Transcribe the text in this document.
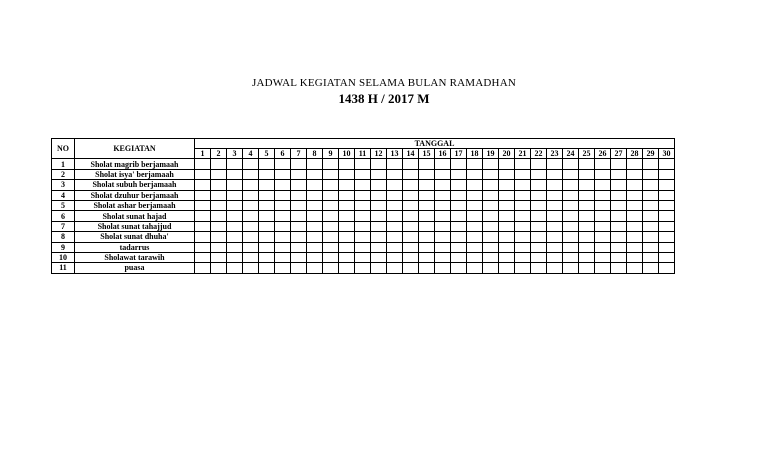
JADWAL KEGIATAN SELAMA BULAN RAMADHAN
1438 H / 2017 M
NO	KEGIATAN	TANGGAL																													
		1	2	3	4	5	6	7	8	9	10	11	12	13	14	15	16	17	18	19	20	21	22	23	24	25	26	27	28	29	30
1	Sholat magrib berjamaah																														
2	Sholat isya' berjamaah																														
3	Sholat subuh berjamaah																														
4	Sholat dzuhur berjamaah																														
5	Sholat ashar berjamaah																														
6	Sholat sunat hajad																														
7	Sholat sunat tahajjud																														
8	Sholat sunat dhuha'																														
9	tadarrus																														
10	Sholawat tarawih																														
11	puasa																														
